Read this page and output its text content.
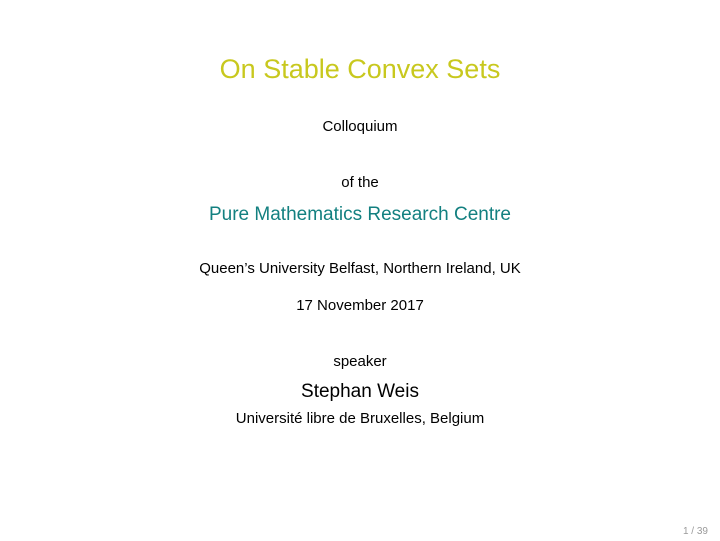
On Stable Convex Sets
Colloquium
of the
Pure Mathematics Research Centre
Queen’s University Belfast, Northern Ireland, UK
17 November 2017
speaker
Stephan Weis
Université libre de Bruxelles, Belgium
1 / 39
